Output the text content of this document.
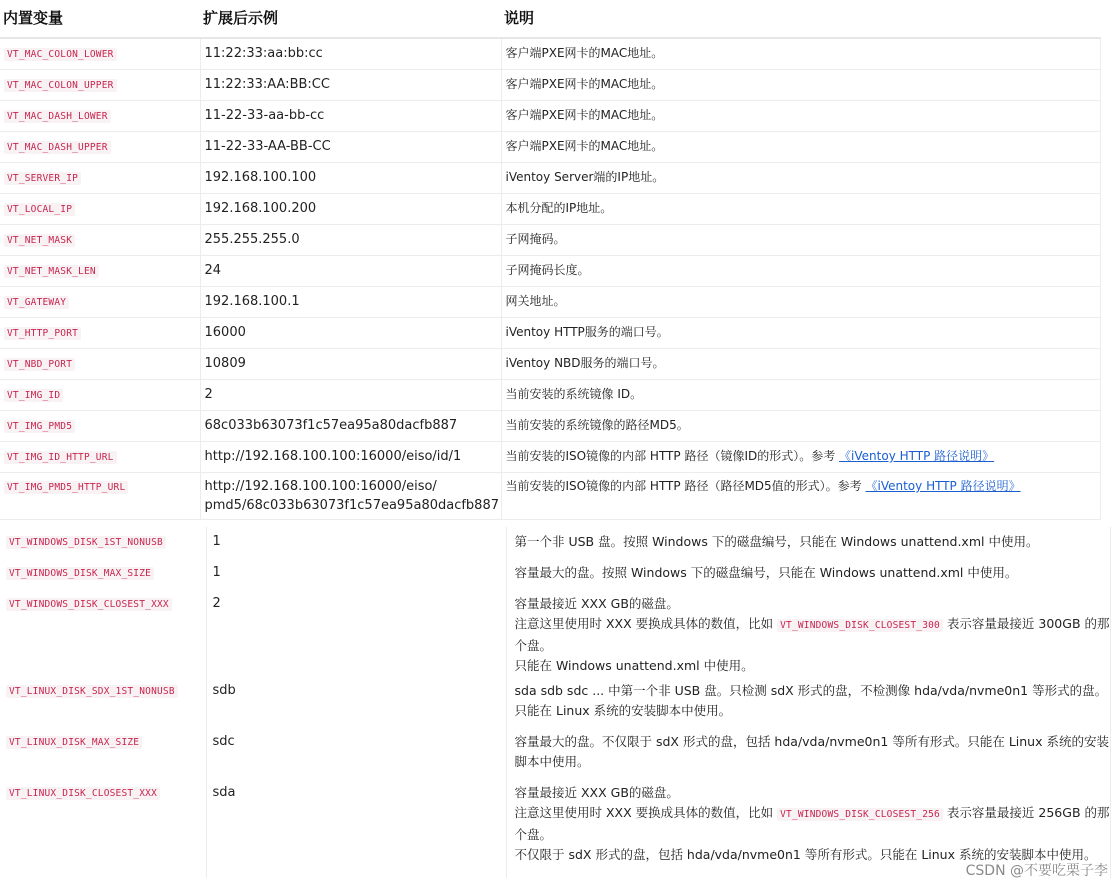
内置变量	扩展后示例	说明
VT_MAC_COLON_LOWER	11:22:33:aa:bb:cc	客户端PXE网卡的MAC地址。
VT_MAC_COLON_UPPER	11:22:33:AA:BB:CC	客户端PXE网卡的MAC地址。
VT_MAC_DASH_LOWER	11-22-33-aa-bb-cc	客户端PXE网卡的MAC地址。
VT_MAC_DASH_UPPER	11-22-33-AA-BB-CC	客户端PXE网卡的MAC地址。
VT_SERVER_IP	192.168.100.100	iVentoy Server端的IP地址。
VT_LOCAL_IP	192.168.100.200	本机分配的IP地址。
VT_NET_MASK	255.255.255.0	子网掩码。
VT_NET_MASK_LEN	24	子网掩码长度。
VT_GATEWAY	192.168.100.1	网关地址。
VT_HTTP_PORT	16000	iVentoy HTTP服务的端口号。
VT_NBD_PORT	10809	iVentoy NBD服务的端口号。
VT_IMG_ID	2	当前安装的系统镜像 ID。
VT_IMG_PMD5	68c033b63073f1c57ea95a80dacfb887	当前安装的系统镜像的路径MD5。
VT_IMG_ID_HTTP_URL	http://192.168.100.100:16000/eiso/id/1	当前安装的ISO镜像的内部 HTTP 路径（镜像ID的形式）。参考 《iVentoy HTTP 路径说明》
VT_IMG_PMD5_HTTP_URL	http://192.168.100.100:16000/eiso/
pmd5/68c033b63073f1c57ea95a80dacfb887	当前安装的ISO镜像的内部 HTTP 路径（路径MD5值的形式）。参考 《iVentoy HTTP 路径说明》
VT_WINDOWS_DISK_1ST_NONUSB	1	第一个非 USB 盘。按照 Windows 下的磁盘编号，只能在 Windows unattend.xml 中使用。
VT_WINDOWS_DISK_MAX_SIZE	1	容量最大的盘。按照 Windows 下的磁盘编号，只能在 Windows unattend.xml 中使用。
VT_WINDOWS_DISK_CLOSEST_XXX	2	容量最接近 XXX GB的磁盘。
注意这里使用时 XXX 要换成具体的数值，比如 VT_WINDOWS_DISK_CLOSEST_300 表示容量最接近 300GB 的那个盘。
只能在 Windows unattend.xml 中使用。
VT_LINUX_DISK_SDX_1ST_NONUSB	sdb	sda sdb sdc ... 中第一个非 USB 盘。只检测 sdX 形式的盘，不检测像 hda/vda/nvme0n1 等形式的盘。只能在 Linux 系统的安装脚本中使用。
VT_LINUX_DISK_MAX_SIZE	sdc	容量最大的盘。不仅限于 sdX 形式的盘，包括 hda/vda/nvme0n1 等所有形式。只能在 Linux 系统的安装脚本中使用。
VT_LINUX_DISK_CLOSEST_XXX	sda	容量最接近 XXX GB的磁盘。
注意这里使用时 XXX 要换成具体的数值，比如 VT_WINDOWS_DISK_CLOSEST_256 表示容量最接近 256GB 的那个盘。
不仅限于 sdX 形式的盘，包括 hda/vda/nvme0n1 等所有形式。只能在 Linux 系统的安装脚本中使用。
CSDN @不要吃栗子李
